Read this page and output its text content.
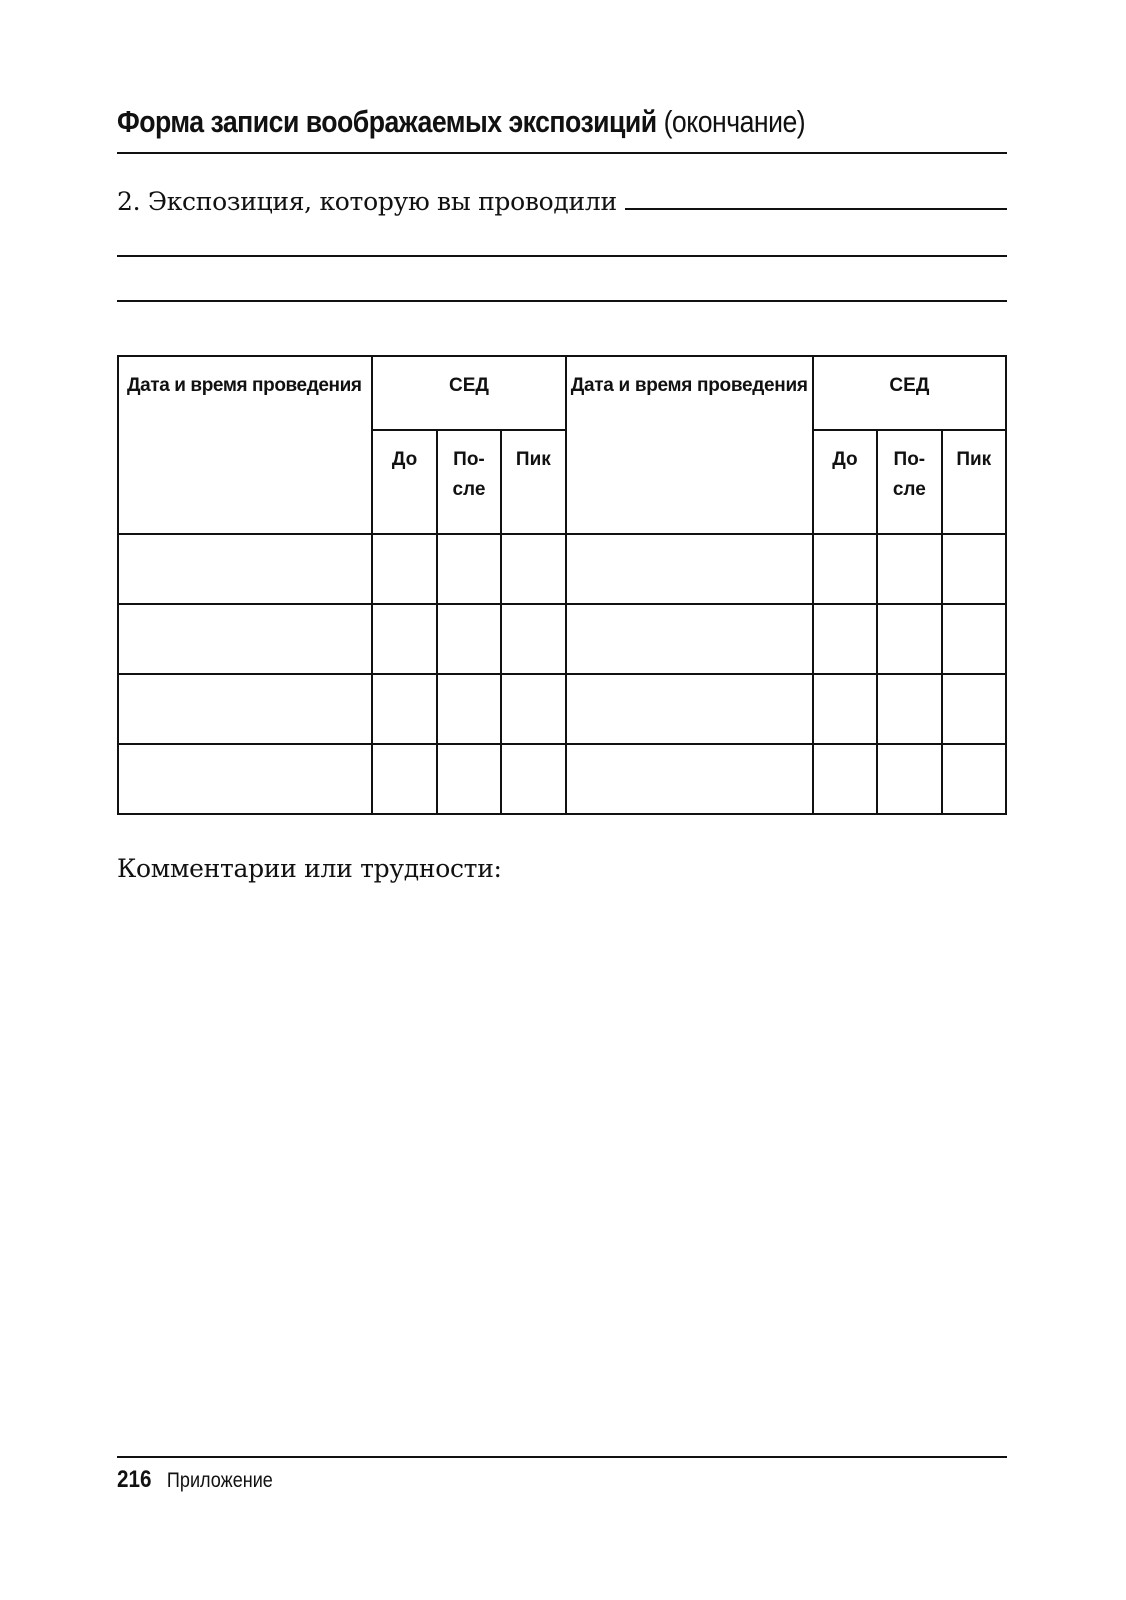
Форма записи воображаемых экспозиций (окончание)
2. Экспозиция, которую вы проводили
Дата и время проведения	СЕД			Дата и время проведения	СЕД		
	До	По-сле	Пик		До	По-сле	Пик

Комментарии или трудности:
216 Приложение
